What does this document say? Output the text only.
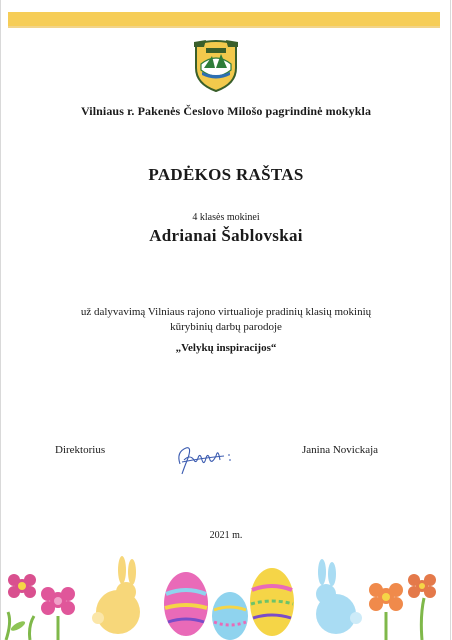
Vilniaus r. Pakenės Česlovo Milošo pagrindinė mokykla
PADĖKOS RAŠTAS
4 klasės mokinei
Adrianai Šablovskai
už dalyvavimą Vilniaus rajono virtualioje pradinių klasių mokinių
kūrybinių darbų parodoje
„Velykų inspiracijos“
Direktorius	Janina Novickaja
2021 m.
